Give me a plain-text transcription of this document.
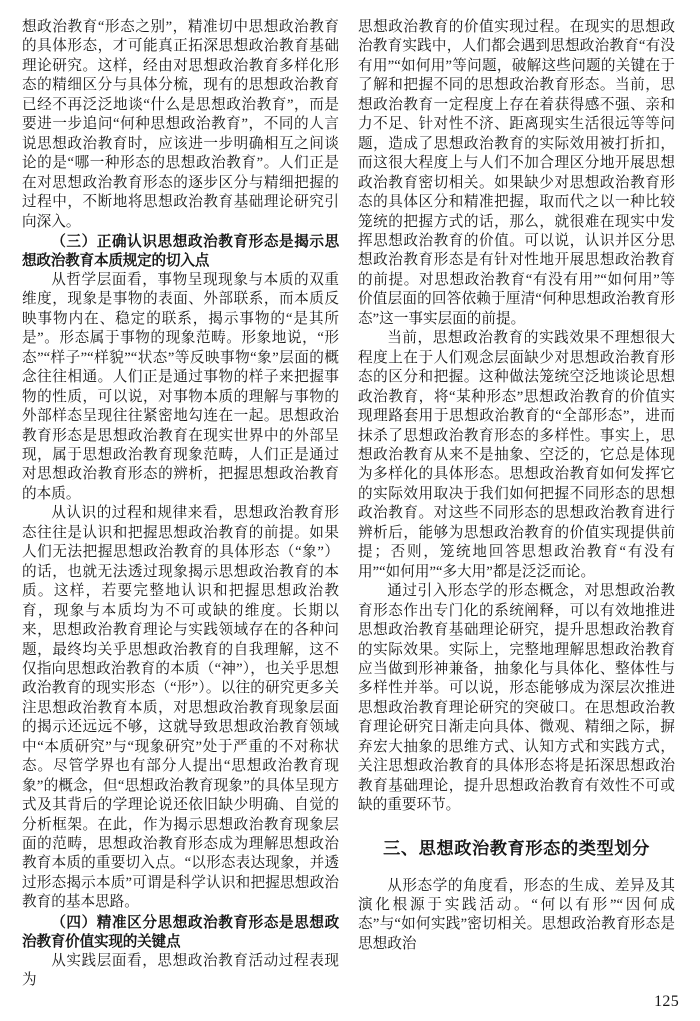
想政治教育“形态之别”，精准切中思想政治教育的具体形态，才可能真正拓深思想政治教育基础理论研究。这样，经由对思想政治教育多样化形态的精细区分与具体分梳，现有的思想政治教育已经不再泛泛地谈“什么是思想政治教育”，而是要进一步追问“何种思想政治教育”，不同的人言说思想政治教育时，应该进一步明确相互之间谈论的是“哪一种形态的思想政治教育”。人们正是在对思想政治教育形态的逐步区分与精细把握的过程中，不断地将思想政治教育基础理论研究引向深入。

（三）正确认识思想政治教育形态是揭示思想政治教育本质规定的切入点

从哲学层面看，事物呈现现象与本质的双重维度，现象是事物的表面、外部联系，而本质反映事物内在、稳定的联系，揭示事物的“是其所是”。形态属于事物的现象范畴。形象地说，“形态”“样子”“样貌”“状态”等反映事物“象”层面的概念往往相通。人们正是通过事物的样子来把握事物的性质，可以说，对事物本质的理解与事物的外部样态呈现往往紧密地勾连在一起。思想政治教育形态是思想政治教育在现实世界中的外部呈现，属于思想政治教育现象范畴，人们正是通过对思想政治教育形态的辨析，把握思想政治教育的本质。

从认识的过程和规律来看，思想政治教育形态往往是认识和把握思想政治教育的前提。如果人们无法把握思想政治教育的具体形态（“象”）的话，也就无法透过现象揭示思想政治教育的本质。这样，若要完整地认识和把握思想政治教育，现象与本质均为不可或缺的维度。长期以来，思想政治教育理论与实践领域存在的各种问题，最终均关乎思想政治教育的自我理解，这不仅指向思想政治教育的本质（“神”），也关乎思想政治教育的现实形态（“形”）。以往的研究更多关注思想政治教育本质，对思想政治教育现象层面的揭示还远远不够，这就导致思想政治教育领域中“本质研究”与“现象研究”处于严重的不对称状态。尽管学界也有部分人提出“思想政治教育现象”的概念，但“思想政治教育现象”的具体呈现方式及其背后的学理论说还依旧缺少明确、自觉的分析框架。在此，作为揭示思想政治教育现象层面的范畴，思想政治教育形态成为理解思想政治教育本质的重要切入点。“以形态表达现象，并透过形态揭示本质”可谓是科学认识和把握思想政治教育的基本思路。

（四）精准区分思想政治教育形态是思想政治教育价值实现的关键点

从实践层面看，思想政治教育活动过程表现为

思想政治教育的价值实现过程。在现实的思想政治教育实践中，人们都会遇到思想政治教育“有没有用”“如何用”等问题，破解这些问题的关键在于了解和把握不同的思想政治教育形态。当前，思想政治教育一定程度上存在着获得感不强、亲和力不足、针对性不济、距离现实生活很远等等问题，造成了思想政治教育的实际效用被打折扣，而这很大程度上与人们不加合理区分地开展思想政治教育密切相关。如果缺少对思想政治教育形态的具体区分和精准把握，取而代之以一种比较笼统的把握方式的话，那么，就很难在现实中发挥思想政治教育的价值。可以说，认识并区分思想政治教育形态是有针对性地开展思想政治教育的前提。对思想政治教育“有没有用”“如何用”等价值层面的回答依赖于厘清“何种思想政治教育形态”这一事实层面的前提。

当前，思想政治教育的实践效果不理想很大程度上在于人们观念层面缺少对思想政治教育形态的区分和把握。这种做法笼统空泛地谈论思想政治教育，将“某种形态”思想政治教育的价值实现理路套用于思想政治教育的“全部形态”，进而抹杀了思想政治教育形态的多样性。事实上，思想政治教育从来不是抽象、空泛的，它总是体现为多样化的具体形态。思想政治教育如何发挥它的实际效用取决于我们如何把握不同形态的思想政治教育。对这些不同形态的思想政治教育进行辨析后，能够为思想政治教育的价值实现提供前提；否则，笼统地回答思想政治教育“有没有用”“如何用”“多大用”都是泛泛而论。

通过引入形态学的形态概念，对思想政治教育形态作出专门化的系统阐释，可以有效地推进思想政治教育基础理论研究，提升思想政治教育的实际效果。实际上，完整地理解思想政治教育应当做到形神兼备，抽象化与具体化、整体性与多样性并举。可以说，形态能够成为深层次推进思想政治教育理论研究的突破口。在思想政治教育理论研究日渐走向具体、微观、精细之际，摒弃宏大抽象的思维方式、认知方式和实践方式，关注思想政治教育的具体形态将是拓深思想政治教育基础理论，提升思想政治教育有效性不可或缺的重要环节。

三、思想政治教育形态的类型划分

从形态学的角度看，形态的生成、差异及其演化根源于实践活动。“何以有形”“因何成态”与“如何实践”密切相关。思想政治教育形态是思想政治

125
